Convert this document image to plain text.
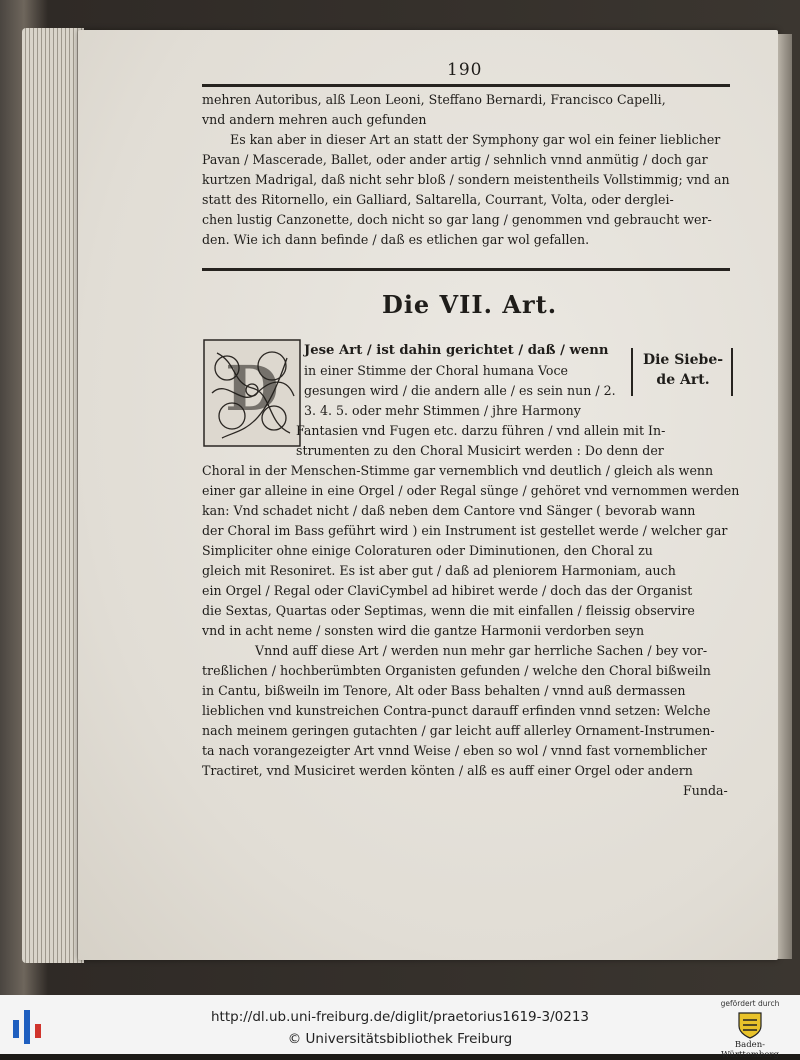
190
mehren Autoribus, alß Leon Leoni, Steffano Bernardi, Francisco Capelli,
vnd andern mehren auch gefunden
Es kan aber in dieser Art an statt der Symphony gar wol ein feiner lieblicher
Pavan / Mascerade, Ballet, oder ander artig / sehnlich vnnd anmütig / doch gar
kurtzen Madrigal, daß nicht sehr bloß / sondern meistentheils Vollstimmig; vnd an
statt des Ritornello, ein Galliard, Saltarella, Courrant, Volta, oder derglei-
chen lustig Canzonette, doch nicht so gar lang / genommen vnd gebraucht wer-
den. Wie ich dann befinde / daß es etlichen gar wol gefallen.
Die VII. Art.
D	Die Siebe-de Art.
Jese Art / ist dahin gerichtet / daß / wenn
in einer Stimme der Choral humana Voce
gesungen wird / die andern alle / es sein nun / 2.
3. 4. 5. oder mehr Stimmen / jhre Harmony
Fantasien vnd Fugen etc. darzu führen / vnd allein mit In-
strumenten zu den Choral Musicirt werden : Do denn der
Choral in der Menschen-Stimme gar vernemblich vnd deutlich / gleich als wenn
einer gar alleine in eine Orgel / oder Regal sünge / gehöret vnd vernommen werden
kan: Vnd schadet nicht / daß neben dem Cantore vnd Sänger ( bevorab wann
der Choral im Bass geführt wird ) ein Instrument ist gestellet werde / welcher gar
Simpliciter ohne einige Coloraturen oder Diminutionen, den Choral zu
gleich mit Resoniret. Es ist aber gut / daß ad pleniorem Harmoniam, auch
ein Orgel / Regal oder ClaviCymbel ad hibiret werde / doch das der Organist
die Sextas, Quartas oder Septimas, wenn die mit einfallen / fleissig observire
vnd in acht neme / sonsten wird die gantze Harmonii verdorben seyn
Vnnd auff diese Art / werden nun mehr gar herrliche Sachen / bey vor-
treßlichen / hochberümbten Organisten gefunden / welche den Choral bißweiln
in Cantu, bißweiln im Tenore, Alt oder Bass behalten / vnnd auß dermassen
lieblichen vnd kunstreichen Contra-punct darauff erfinden vnnd setzen: Welche
nach meinem geringen gutachten / gar leicht auff allerley Ornament-Instrumen-
ta nach vorangezeigter Art vnnd Weise / eben so wol / vnnd fast vornemblicher
Tractiret, vnd Musiciret werden könten / alß es auff einer Orgel oder andern
Funda-
http://dl.ub.uni-freiburg.de/diglit/praetorius1619-3/0213
© Universitätsbibliothek Freiburg
gefördert durch
Baden-Württemberg
